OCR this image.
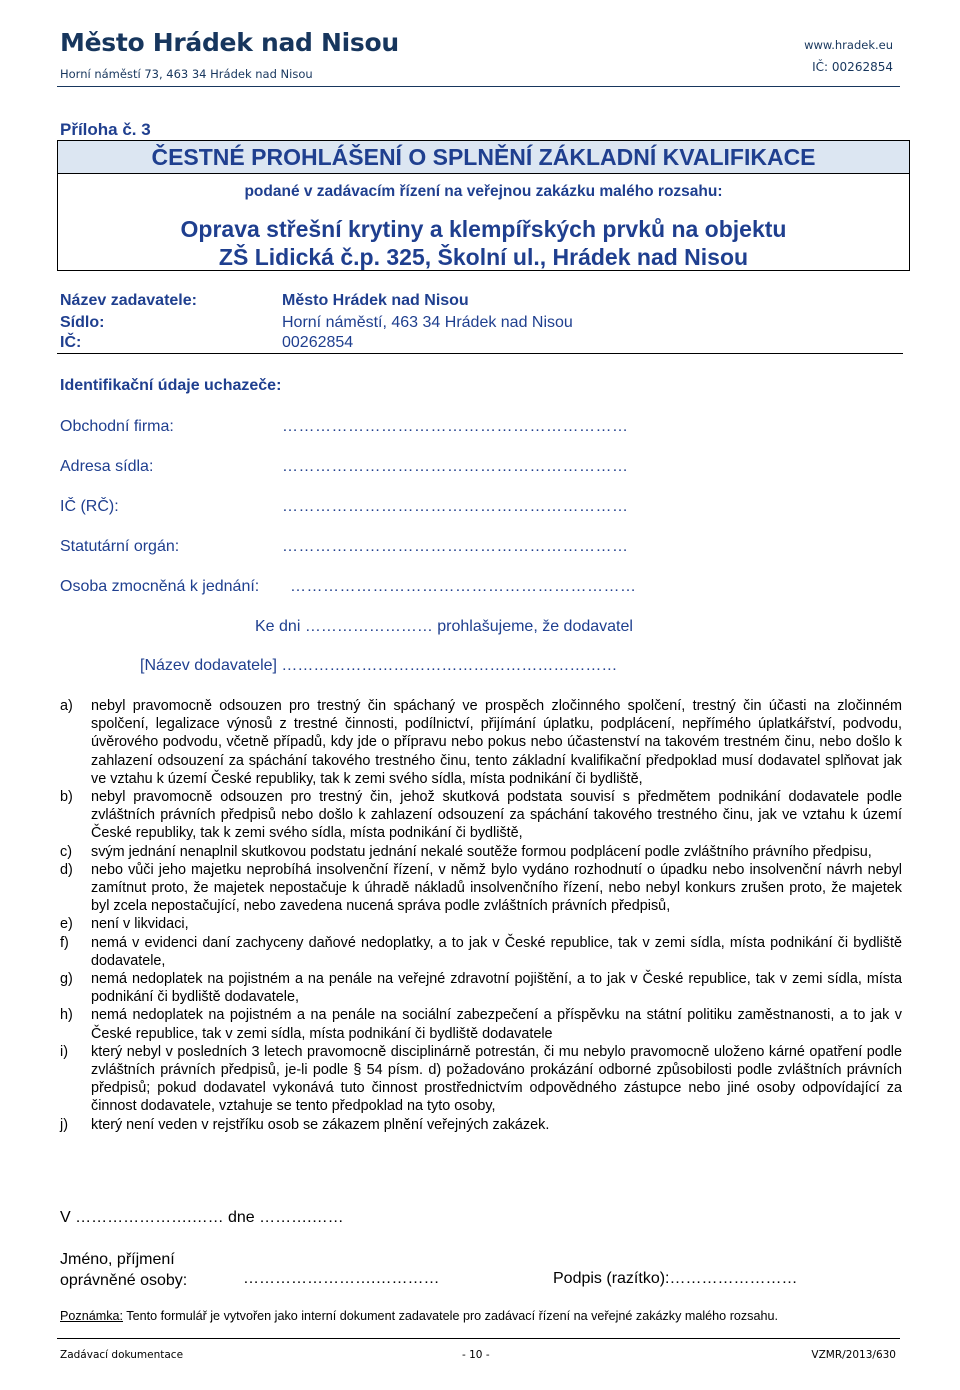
Město Hrádek nad Nisou
Horní náměstí 73, 463 34 Hrádek nad Nisou
www.hradek.eu
IČ: 00262854
Příloha č. 3
ČESTNÉ PROHLÁŠENÍ O SPLNĚNÍ ZÁKLADNÍ KVALIFIKACE
podané v zadávacím řízení na veřejnou zakázku malého rozsahu:
Oprava střešní krytiny a klempířských prvků na objektu
ZŠ Lidická č.p. 325, Školní ul., Hrádek nad Nisou
Název zadavatele:	Město Hrádek nad Nisou
Sídlo:	Horní náměstí, 463 34 Hrádek nad Nisou
IČ:	00262854
Identifikační údaje uchazeče:
Obchodní firma:	………………………………………………………
Adresa sídla:	………………………………………………………
IČ (RČ):	………………………………………………………
Statutární orgán:	………………………………………………………
Osoba zmocněná k jednání: ………………………………………………………
Ke dni …………………… prohlašujeme, že dodavatel
[Název dodavatele] ………………………………………………………
a) nebyl pravomocně odsouzen pro trestný čin spáchaný ve prospěch zločinného spolčení, trestný čin účasti na zločinném spolčení, legalizace výnosů z trestné činnosti, podílnictví, přijímání úplatku, podplácení, nepřímého úplatkářství, podvodu, úvěrového podvodu, včetně případů, kdy jde o přípravu nebo pokus nebo účastenství na takovém trestném činu, nebo došlo k zahlazení odsouzení za spáchání takového trestného činu, tento základní kvalifikační předpoklad musí dodavatel splňovat jak ve vztahu k území České republiky, tak k zemi svého sídla, místa podnikání či bydliště,
b) nebyl pravomocně odsouzen pro trestný čin, jehož skutková podstata souvisí s předmětem podnikání dodavatele podle zvláštních právních předpisů nebo došlo k zahlazení odsouzení za spáchání takového trestného činu, jak ve vztahu k území České republiky, tak k zemi svého sídla, místa podnikání či bydliště,
c) svým jednání nenaplnil skutkovou podstatu jednání nekalé soutěže formou podplácení podle zvláštního právního předpisu,
d) nebo vůči jeho majetku neprobíhá insolvenční řízení, v němž bylo vydáno rozhodnutí o úpadku nebo insolvenční návrh nebyl zamítnut proto, že majetek nepostačuje k úhradě nákladů insolvenčního řízení, nebo nebyl konkurs zrušen proto, že majetek byl zcela nepostačující, nebo zavedena nucená správa podle zvláštních právních předpisů,
e) není v likvidaci,
f) nemá v evidenci daní zachyceny daňové nedoplatky, a to jak v České republice, tak v zemi sídla, místa podnikání či bydliště dodavatele,
g) nemá nedoplatek na pojistném a na penále na veřejné zdravotní pojištění, a to jak v České republice, tak v zemi sídla, místa podnikání či bydliště dodavatele,
h) nemá nedoplatek na pojistném a na penále na sociální zabezpečení a příspěvku na státní politiku zaměstnanosti, a to jak v České republice, tak v zemi sídla, místa podnikání či bydliště dodavatele
i) který nebyl v posledních 3 letech pravomocně disciplinárně potrestán, či mu nebylo pravomocně uloženo kárné opatření podle zvláštních právních předpisů, je-li podle § 54 písm. d) požadováno prokázání odborné způsobilosti podle zvláštních právních předpisů; pokud dodavatel vykonává tuto činnost prostřednictvím odpovědného zástupce nebo jiné osoby odpovídající za činnost dodavatele, vztahuje se tento předpoklad na tyto osoby,
j) který není veden v rejstříku osob se zákazem plnění veřejných zakázek.
V ………………….…… dne ……….……
Jméno, příjmení
oprávněné osoby:	…………………….…………	Podpis (razítko):……………………
Poznámka: Tento formulář je vytvořen jako interní dokument zadavatele pro zadávací řízení na veřejné zakázky malého rozsahu.
Zadávací dokumentace	- 10 -	VZMR/2013/630
